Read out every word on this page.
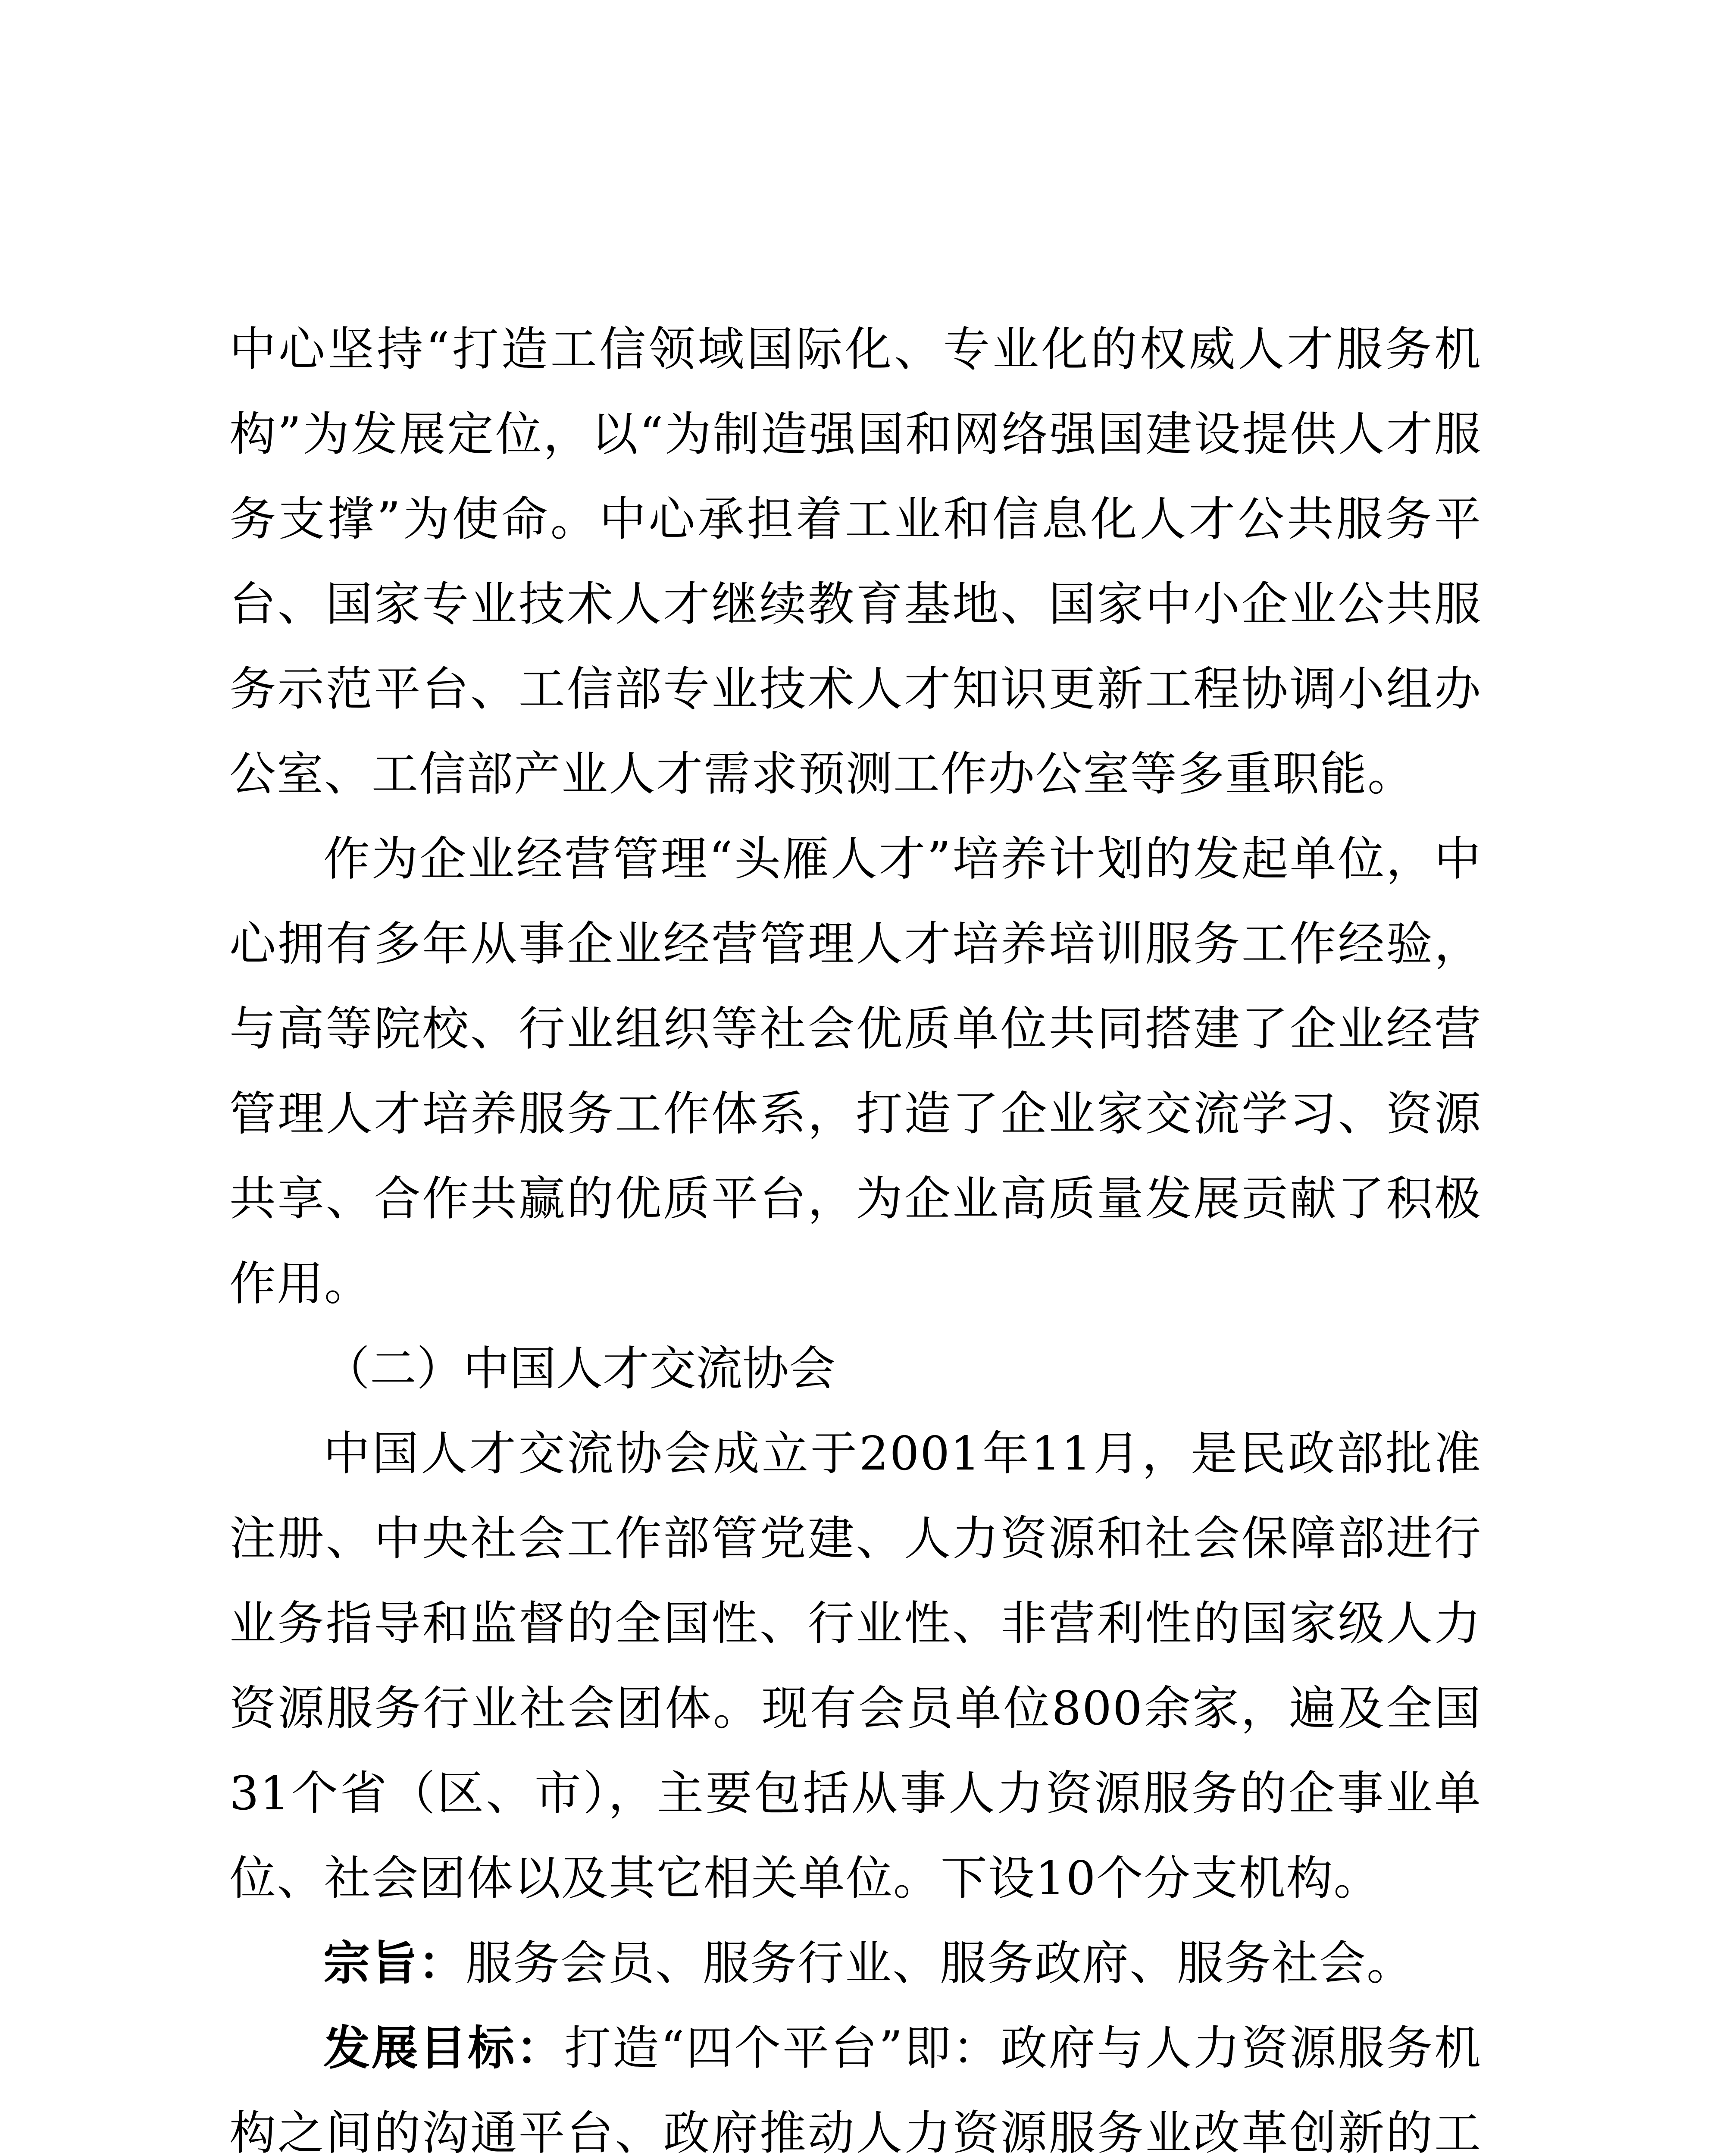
中心坚持“打造工信领域国际化、专业化的权威人才服务机构”为发展定位，以“为制造强国和网络强国建设提供人才服务支撑”为使命。中心承担着工业和信息化人才公共服务平台、国家专业技术人才继续教育基地、国家中小企业公共服务示范平台、工信部专业技术人才知识更新工程协调小组办公室、工信部产业人才需求预测工作办公室等多重职能。

作为企业经营管理“头雁人才”培养计划的发起单位，中心拥有多年从事企业经营管理人才培养培训服务工作经验，与高等院校、行业组织等社会优质单位共同搭建了企业经营管理人才培养服务工作体系，打造了企业家交流学习、资源共享、合作共赢的优质平台，为企业高质量发展贡献了积极作用。

（二）中国人才交流协会

中国人才交流协会成立于2001年11月，是民政部批准注册、中央社会工作部管党建、人力资源和社会保障部进行业务指导和监督的全国性、行业性、非营利性的国家级人力资源服务行业社会团体。现有会员单位800余家，遍及全国31个省（区、市），主要包括从事人力资源服务的企事业单位、社会团体以及其它相关单位。下设10个分支机构。

宗旨：服务会员、服务行业、服务政府、服务社会。

发展目标：打造“四个平台”即：政府与人力资源服务机构之间的沟通平台、政府推动人力资源服务业改革创新的工
